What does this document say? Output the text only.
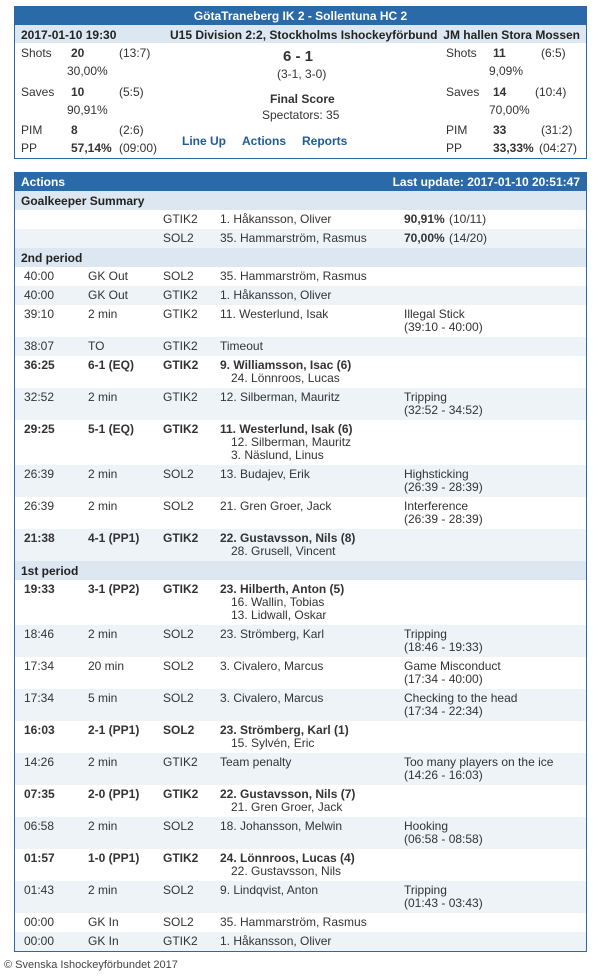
GötaTraneberg IK 2 - Sollentuna HC 2
2017-01-10 19:30	U15 Division 2:2, Stockholms Ishockeyförbund JM hallen Stora Mossen
Shots 20	(13:7)
30,00%
Saves 10	(5:5)
90,91%
PIM 8	(2:6)
PP	57,14% (09:00)
6 - 1
(3-1, 3-0)
Final Score
Spectators: 35
Line Up Actions Reports
Shots 11	(6:5)
9,09%
Saves 14 (10:4)
70,00%
PIM 33	(31:2)
PP	33,33% (04:27)
Actions	Last update: 2017-01-10 20:51:47
Goalkeeper Summary
GTIK2 1. Håkansson, Oliver	90,91% (10/11)
SOL2 35. Hammarström, Rasmus	70,00% (14/20)
2nd period
40:00	GK Out	SOL2 35. Hammarström, Rasmus
40:00	GK Out	GTIK2 1. Håkansson, Oliver
39:10	2 min	GTIK2 11. Westerlund, Isak	Illegal Stick
(39:10 - 40:00)
38:07	TO	GTIK2 Timeout
36:25	6-1 (EQ) GTIK2 9. Williamsson, Isac (6)
24. Lönnroos, Lucas
32:52	2 min	GTIK2 12. Silberman, Mauritz	Tripping
(32:52 - 34:52)
29:25	5-1 (EQ) GTIK2 11. Westerlund, Isak (6)
12. Silberman, Mauritz
3. Näslund, Linus
26:39	2 min	SOL2 13. Budajev, Erik	Highsticking
(26:39 - 28:39)
26:39	2 min	SOL2 21. Gren Groer, Jack	Interference
(26:39 - 28:39)
21:38	4-1 (PP1) GTIK2 22. Gustavsson, Nils (8)
28. Grusell, Vincent
1st period
19:33	3-1 (PP2) GTIK2 23. Hilberth, Anton (5)
16. Wallin, Tobias
13. Lidwall, Oskar
18:46	2 min	SOL2 23. Strömberg, Karl	Tripping
(18:46 - 19:33)
17:34	20 min	SOL2 3. Civalero, Marcus	Game Misconduct
(17:34 - 40:00)
17:34	5 min	SOL2 3. Civalero, Marcus	Checking to the head
(17:34 - 22:34)
16:03	2-1 (PP1) SOL2 23. Strömberg, Karl (1)
15. Sylvén, Eric
14:26	2 min	GTIK2 Team penalty	Too many players on the ice
(14:26 - 16:03)
07:35	2-0 (PP1) GTIK2 22. Gustavsson, Nils (7)
21. Gren Groer, Jack
06:58	2 min	SOL2 18. Johansson, Melwin	Hooking
(06:58 - 08:58)
01:57	1-0 (PP1) GTIK2 24. Lönnroos, Lucas (4)
22. Gustavsson, Nils
01:43	2 min	SOL2 9. Lindqvist, Anton	Tripping
(01:43 - 03:43)
00:00	GK In	SOL2 35. Hammarström, Rasmus
00:00	GK In	GTIK2 1. Håkansson, Oliver
© Svenska Ishockeyförbundet 2017
